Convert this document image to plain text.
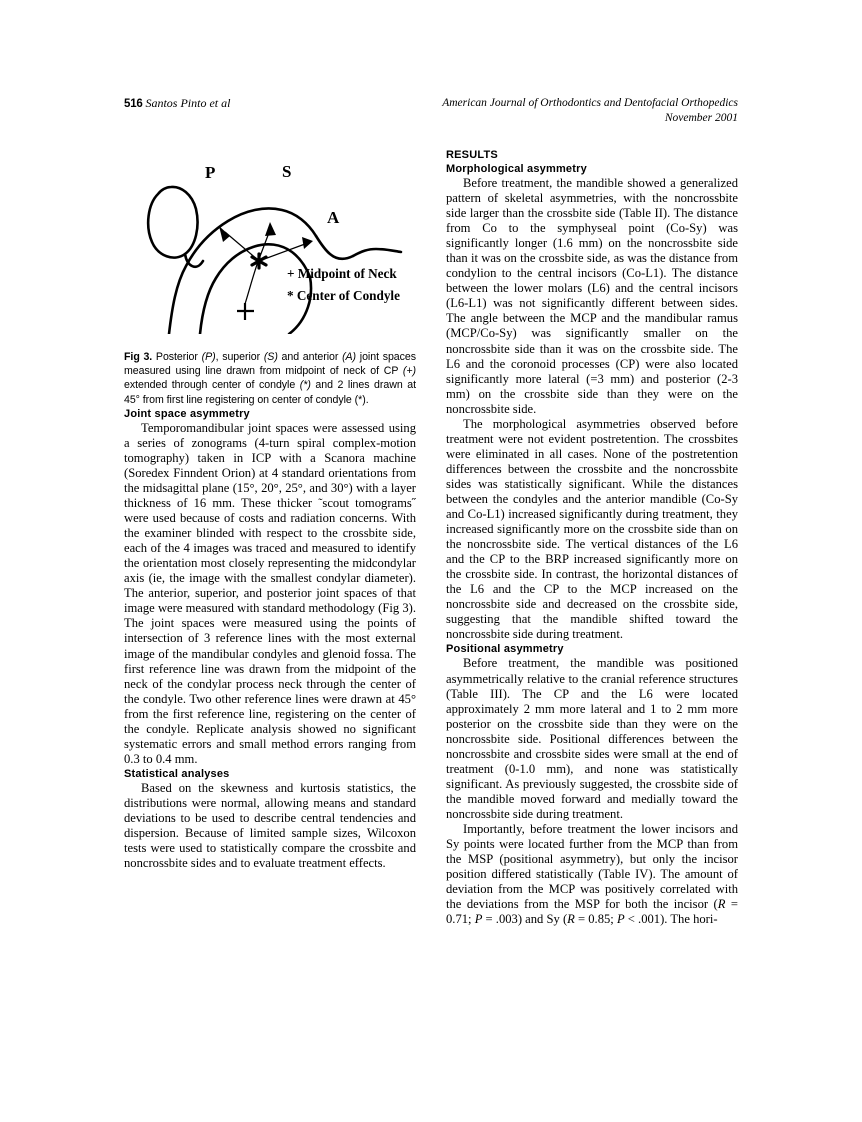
516 Santos Pinto et al	American Journal of Orthodontics and Dentofacial Orthopedics
November 2001
P	S
A
+ Midpoint of Neck
* Center of Condyle
Fig 3. Posterior (P), superior (S) and anterior (A) joint spaces measured using line drawn from midpoint of neck of CP (+) extended through center of condyle (*) and 2 lines drawn at 45° from first line registering on center of condyle (*).
Joint space asymmetry

Temporomandibular joint spaces were assessed using a series of zonograms (4-turn spiral complex-motion tomography) taken in ICP with a Scanora machine (Soredex Finndent Orion) at 4 standard orientations from the midsagittal plane (15°, 20°, 25°, and 30°) with a layer thickness of 16 mm. These thicker ˜scout tomograms˝ were used because of costs and radiation concerns. With the examiner blinded with respect to the crossbite side, each of the 4 images was traced and measured to identify the orientation most closely representing the midcondylar axis (ie, the image with the smallest condylar diameter). The anterior, superior, and posterior joint spaces of that image were measured with standard methodology (Fig 3). The joint spaces were measured using the points of intersection of 3 reference lines with the most external image of the mandibular condyles and glenoid fossa. The first reference line was drawn from the midpoint of the neck of the condylar process neck through the center of the condyle. Two other reference lines were drawn at 45° from the first reference line, registering on the center of the condyle. Replicate analysis showed no significant systematic errors and small method errors ranging from 0.3 to 0.4 mm.

Statistical analyses

Based on the skewness and kurtosis statistics, the distributions were normal, allowing means and standard deviations to be used to describe central tendencies and dispersion. Because of limited sample sizes, Wilcoxon tests were used to statistically compare the crossbite and noncrossbite sides and to evaluate treatment effects.

RESULTS
Morphological asymmetry

Before treatment, the mandible showed a generalized pattern of skeletal asymmetries, with the noncrossbite side larger than the crossbite side (Table II). The distance from Co to the symphyseal point (Co-Sy) was significantly longer (1.6 mm) on the noncrossbite side than it was on the crossbite side, as was the distance from condylion to the central incisors (Co-L1). The distance between the lower molars (L6) and the central incisors (L6-L1) was not significantly different between sides. The angle between the MCP and the mandibular ramus (MCP/Co-Sy) was significantly smaller on the noncrossbite side than it was on the crossbite side. The L6 and the coronoid processes (CP) were also located significantly more lateral (=3 mm) and posterior (2-3 mm) on the crossbite side than they were on the noncrossbite side.

The morphological asymmetries observed before treatment were not evident postretention. The crossbites were eliminated in all cases. None of the postretention differences between the crossbite and the noncrossbite sides was statistically significant. While the distances between the condyles and the anterior mandible (Co-Sy and Co-L1) increased significantly during treatment, they increased significantly more on the crossbite side than on the noncrossbite side. The vertical distances of the L6 and the CP to the BRP increased significantly more on the crossbite side. In contrast, the horizontal distances of the L6 and the CP to the MCP increased on the noncrossbite side and decreased on the crossbite side, suggesting that the mandible shifted toward the noncrossbite side during treatment.

Positional asymmetry

Before treatment, the mandible was positioned asymmetrically relative to the cranial reference structures (Table III). The CP and the L6 were located approximately 2 mm more lateral and 1 to 2 mm more posterior on the crossbite side than they were on the noncrossbite side. Positional differences between the noncrossbite and crossbite sides were small at the end of treatment (0-1.0 mm), and none was statistically significant. As previously suggested, the crossbite side of the mandible moved forward and medially toward the noncrossbite side during treatment.

Importantly, before treatment the lower incisors and Sy points were located further from the MCP than from the MSP (positional asymmetry), but only the incisor position differed statistically (Table IV). The amount of deviation from the MCP was positively correlated with the deviations from the MSP for both the incisor (R = 0.71; P = .003) and Sy (R = 0.85; P < .001). The hori-
